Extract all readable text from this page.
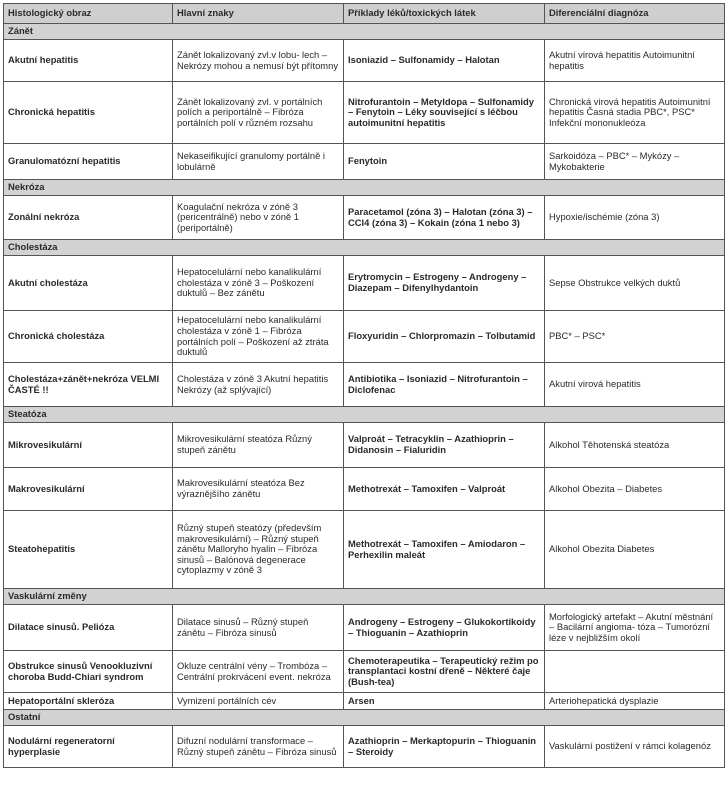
Histologický obraz	Hlavní znaky	Příklady léků/toxických látek	Diferenciální diagnóza
Zánět			
Akutní hepatitis	Zánět lokalizovaný zvl.v lobu- lech – Nekrózy mohou a nemusí být přítomny	Isoniazid – Sulfonamidy – Halotan	Akutní virová hepatitis Autoimunitní hepatitis
Chronická hepatitis	Zánět lokalizovaný zvl. v portálních polích a periportálně – Fibróza portálních polí v různém rozsahu	Nitrofurantoin – Metyldopa – Sulfonamidy – Fenytoin – Léky související s léčbou autoimunitní hepatitis	Chronická virová hepatitis Autoimunitní hepatitis Časná stadia PBC*, PSC* Infekční mononukleóza
Granulomatózní hepatitis	Nekaseifikující granulomy portálně i lobulárně	Fenytoin	Sarkoidóza – PBC* – Mykózy – Mykobakterie
Nekróza			
Zonální nekróza	Koagulační nekróza v zóně 3 (pericentrálně) nebo v zóně 1 (periportálně)	Paracetamol (zóna 3) – Halotan (zóna 3) – CCl4 (zóna 3) – Kokain (zóna 1 nebo 3)	Hypoxie/ischémie (zóna 3)
Cholestáza			
Akutní cholestáza	Hepatocelulární nebo kanalikulární cholestáza v zóně 3 – Poškození duktulů – Bez zánětu	Erytromycin – Estrogeny – Androgeny – Diazepam – Difenylhydantoin	Sepse Obstrukce velkých duktů
Chronická cholestáza	Hepatocelulární nebo kanalikulární cholestáza v zóně 1 – Fibróza portálních polí – Poškození až ztráta duktulů	Floxyuridin – Chlorpromazin – Tolbutamid	PBC* – PSC*
Cholestáza+zánět+nekróza VELMI ČASTÉ !!	Cholestáza v zóně 3 Akutní hepatitis Nekrózy (až splývající)	Antibiotika – Isoniazid – Nitrofurantoin – Diclofenac	Akutní virová hepatitis
Steatóza			
Mikrovesikulární	Mikrovesikulární steatóza Různý stupeň zánětu	Valproát – Tetracyklin – Azathioprin – Didanosin – Fialuridin	Alkohol Těhotenská steatóza
Makrovesikulární	Makrovesikulární steatóza Bez výraznějšího zánětu	Methotrexát – Tamoxifen – Valproát	Alkohol Obezita – Diabetes
Steatohepatitis	Různý stupeň steatózy (především makrovesikulární) – Různý stupeň zánětu Malloryho hyalin – Fibróza sinusů – Balónová degenerace cytoplazmy v zóně 3	Methotrexát – Tamoxifen – Amiodaron – Perhexilin maleát	Alkohol Obezita Diabetes
Vaskulární změny			
Dilatace sinusů. Pelióza	Dilatace sinusů – Různý stupeň zánětu – Fibróza sinusů	Androgeny – Estrogeny – Glukokortikoidy – Thioguanin – Azathioprin	Morfologický artefakt – Akutní městnání – Bacilární angioma- tóza – Tumorózní léze v nejbližším okolí
Obstrukce sinusů Venookluzivní choroba Budd-Chiari syndrom	Okluze centrální vény – Trombóza – Centrální prokrvácení event. nekróza	Chemoterapeutika – Terapeutický režim po transplantaci kostní dřeně – Některé čaje (Bush-tea)	
Hepatoportální skleróza	Vymizení portálních cév	Arsen	Arteriohepatická dysplazie
Ostatní			
Nodulární regeneratorní hyperplasie	Difuzní nodulární transformace – Různý stupeň zánětu – Fibróza sinusů	Azathioprin – Merkaptopurin – Thioguanin – Steroidy	Vaskulární postižení v rámci kolagenóz
